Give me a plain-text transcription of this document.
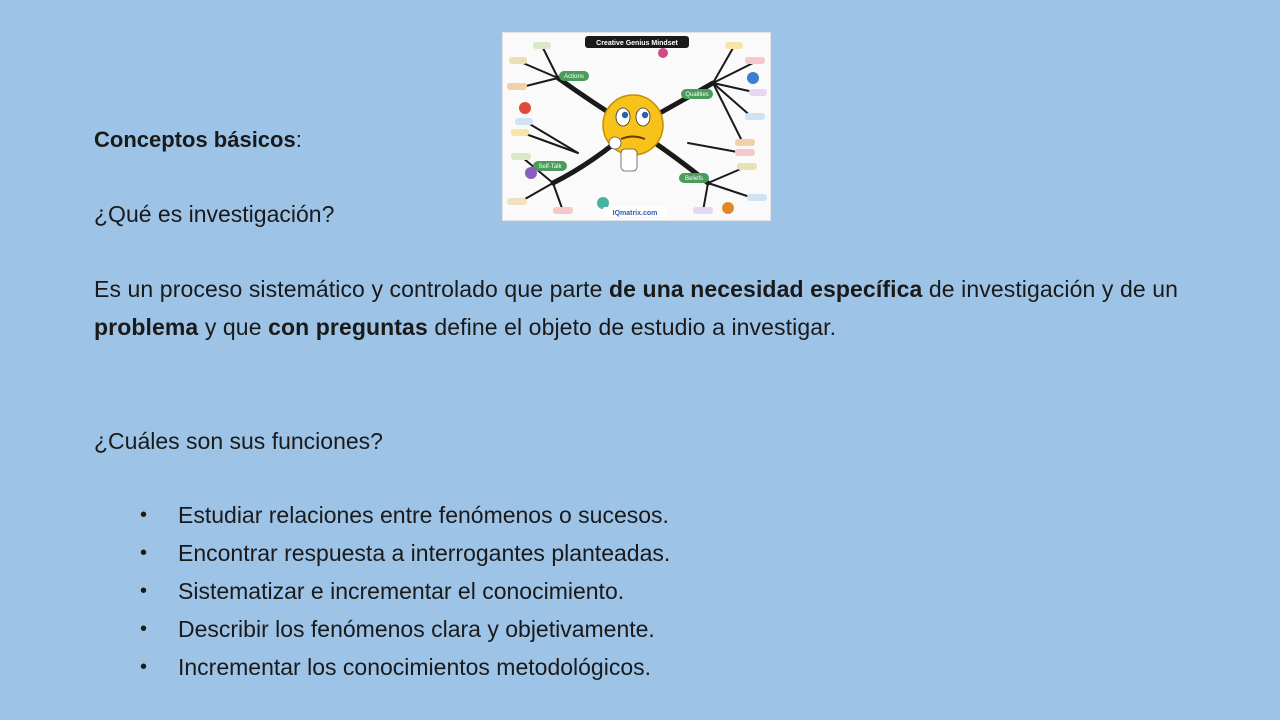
Creative Genius Mindset
Actions
Qualities
Self-Talk
Beliefs
IQmatrix.com
Conceptos básicos:
¿Qué es investigación?
Es un proceso sistemático y controlado que parte de una necesidad específica de investigación y de un problema y que con preguntas define el objeto de estudio a investigar.
¿Cuáles son sus funciones?
• Estudiar relaciones entre fenómenos o sucesos.
• Encontrar respuesta a interrogantes planteadas.
• Sistematizar e incrementar el conocimiento.
• Describir los fenómenos clara y objetivamente.
• Incrementar los conocimientos metodológicos.
